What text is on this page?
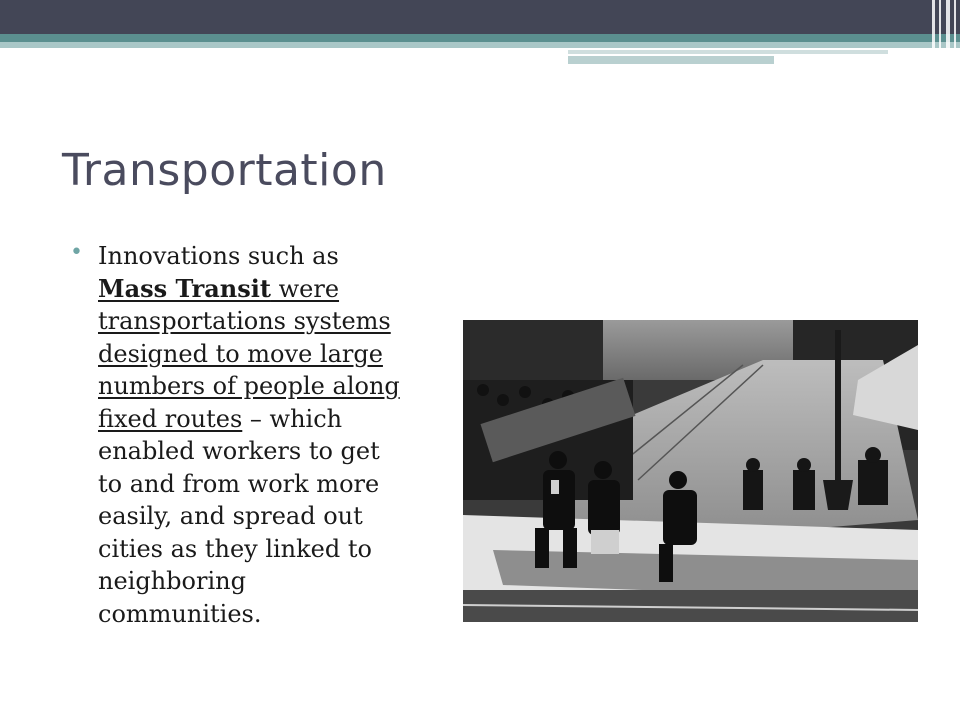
Transportation
• Innovations such as
Mass Transit were
transportations systems
designed to move large
numbers of people along
fixed routes – which
enabled workers to get
to and from work more
easily, and spread out
cities as they linked to
neighboring
communities.
